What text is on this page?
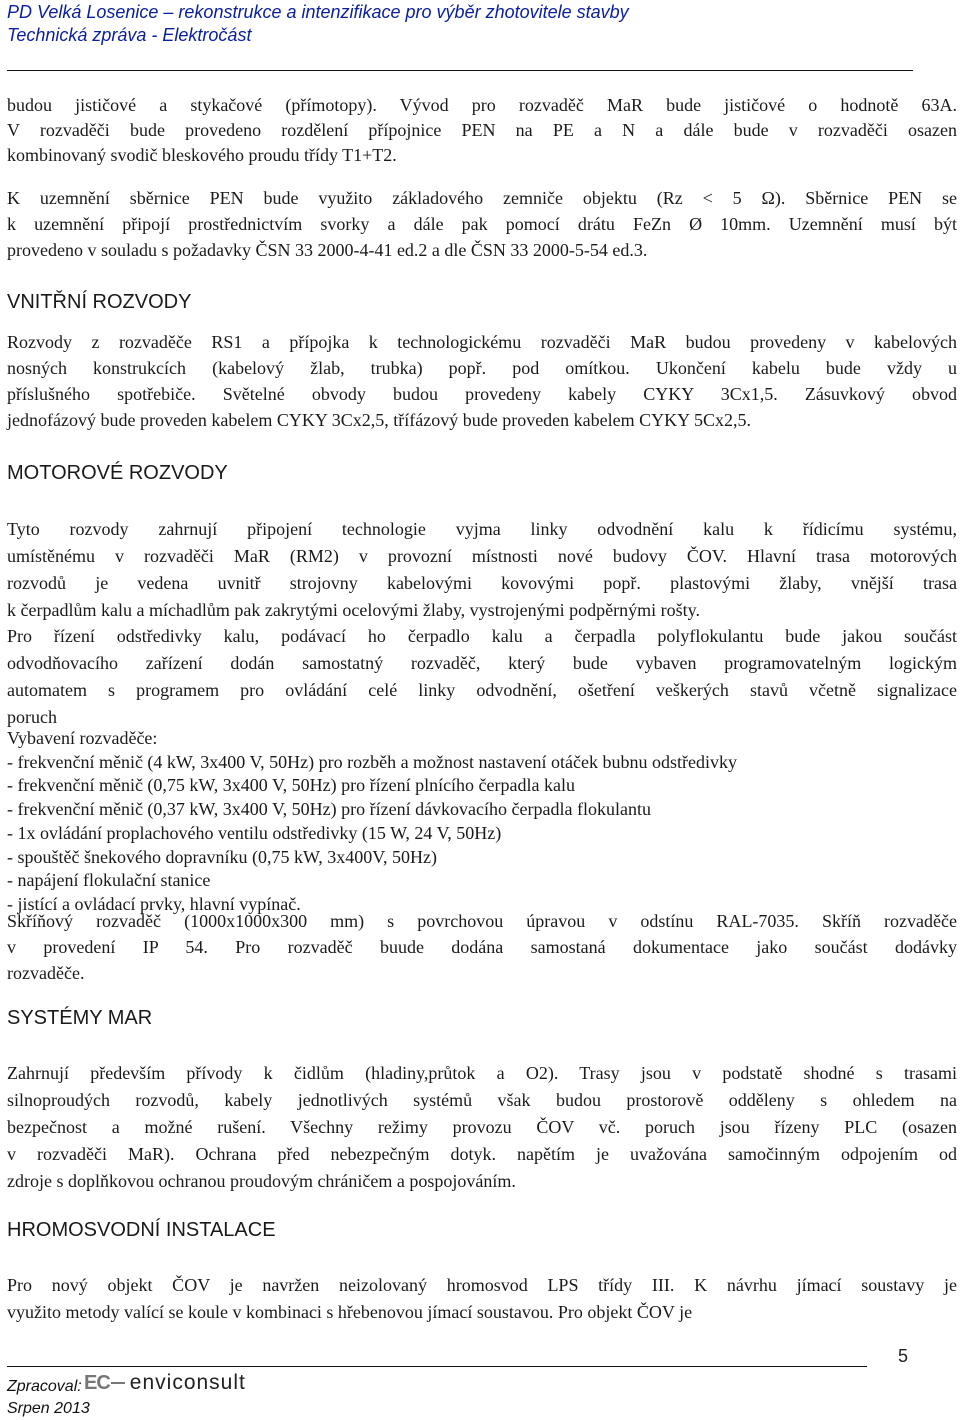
PD Velká Losenice – rekonstrukce a intenzifikace pro výběr zhotovitele stavby
Technická zpráva - Elektročást
budou jističové a stykačové (přímotopy). Vývod pro rozvaděč MaR bude jističové o hodnotě 63A.
V rozvaděči bude provedeno rozdělení přípojnice PEN na PE a N a dále bude v rozvaděči osazen
kombinovaný svodič bleskového proudu třídy T1+T2.
K uzemnění sběrnice PEN bude využito základového zemniče objektu (Rz < 5 Ω). Sběrnice PEN se
k uzemnění připojí prostřednictvím svorky a dále pak pomocí drátu FeZn Ø 10mm. Uzemnění musí být
provedeno v souladu s požadavky ČSN 33 2000-4-41 ed.2 a dle ČSN 33 2000-5-54 ed.3.
VNITŘNÍ ROZVODY
Rozvody z rozvaděče RS1 a přípojka k technologickému rozvaděči MaR budou provedeny v kabelových
nosných konstrukcích (kabelový žlab, trubka) popř. pod omítkou. Ukončení kabelu bude vždy u
příslušného spotřebiče. Světelné obvody budou provedeny kabely CYKY 3Cx1,5. Zásuvkový obvod
jednofázový bude proveden kabelem CYKY 3Cx2,5, třífázový bude proveden kabelem CYKY 5Cx2,5.
MOTOROVÉ ROZVODY
Tyto rozvody zahrnují připojení technologie vyjma linky odvodnění kalu k řídicímu systému,
umístěnému v rozvaděči MaR (RM2) v provozní místnosti nové budovy ČOV. Hlavní trasa motorových
rozvodů je vedena uvnitř strojovny kabelovými kovovými popř. plastovými žlaby, vnější trasa
k čerpadlům kalu a míchadlům pak zakrytými ocelovými žlaby, vystrojenými podpěrnými rošty.
Pro řízení odstředivky kalu, podávací ho čerpadlo kalu a čerpadla polyflokulantu bude jakou součást
odvodňovacího zařízení dodán samostatný rozvaděč, který bude vybaven programovatelným logickým
automatem s programem pro ovládání celé linky odvodnění, ošetření veškerých stavů včetně signalizace
poruch
Vybavení rozvaděče:
- frekvenční měnič (4 kW, 3x400 V, 50Hz) pro rozběh a možnost nastavení otáček bubnu odstředivky
- frekvenční měnič (0,75 kW, 3x400 V, 50Hz) pro řízení plnícího čerpadla kalu
- frekvenční měnič (0,37 kW, 3x400 V, 50Hz) pro řízení dávkovacího čerpadla flokulantu
- 1x ovládání proplachového ventilu odstředivky (15 W, 24 V, 50Hz)
- spouštěč šnekového dopravníku (0,75 kW, 3x400V, 50Hz)
- napájení flokulační stanice
- jistící a ovládací prvky, hlavní vypínač.
Skříňový rozvaděč (1000x1000x300 mm) s povrchovou úpravou v odstínu RAL-7035. Skříň rozvaděče
v provedení IP 54. Pro rozvaděč buude dodána samostaná dokumentace jako součást dodávky
rozvaděče.
SYSTÉMY MAR
Zahrnují především přívody k čidlům (hladiny,průtok a O2). Trasy jsou v podstatě shodné s trasami
silnoproudých rozvodů, kabely jednotlivých systémů však budou prostorově odděleny s ohledem na
bezpečnost a možné rušení. Všechny režimy provozu ČOV vč. poruch jsou řízeny PLC (osazen
v rozvaděči MaR). Ochrana před nebezpečným dotyk. napětím je uvažována samočinným odpojením od
zdroje s doplňkovou ochranou proudovým chráničem a pospojováním.
HROMOSVODNÍ INSTALACE
Pro nový objekt ČOV je navržen neizolovaný hromosvod LPS třídy III. K návrhu jímací soustavy je
využito metody valící se koule v kombinaci s hřebenovou jímací soustavou. Pro objekt ČOV je
5
Zpracoval: EC enviconsult
Srpen 2013
